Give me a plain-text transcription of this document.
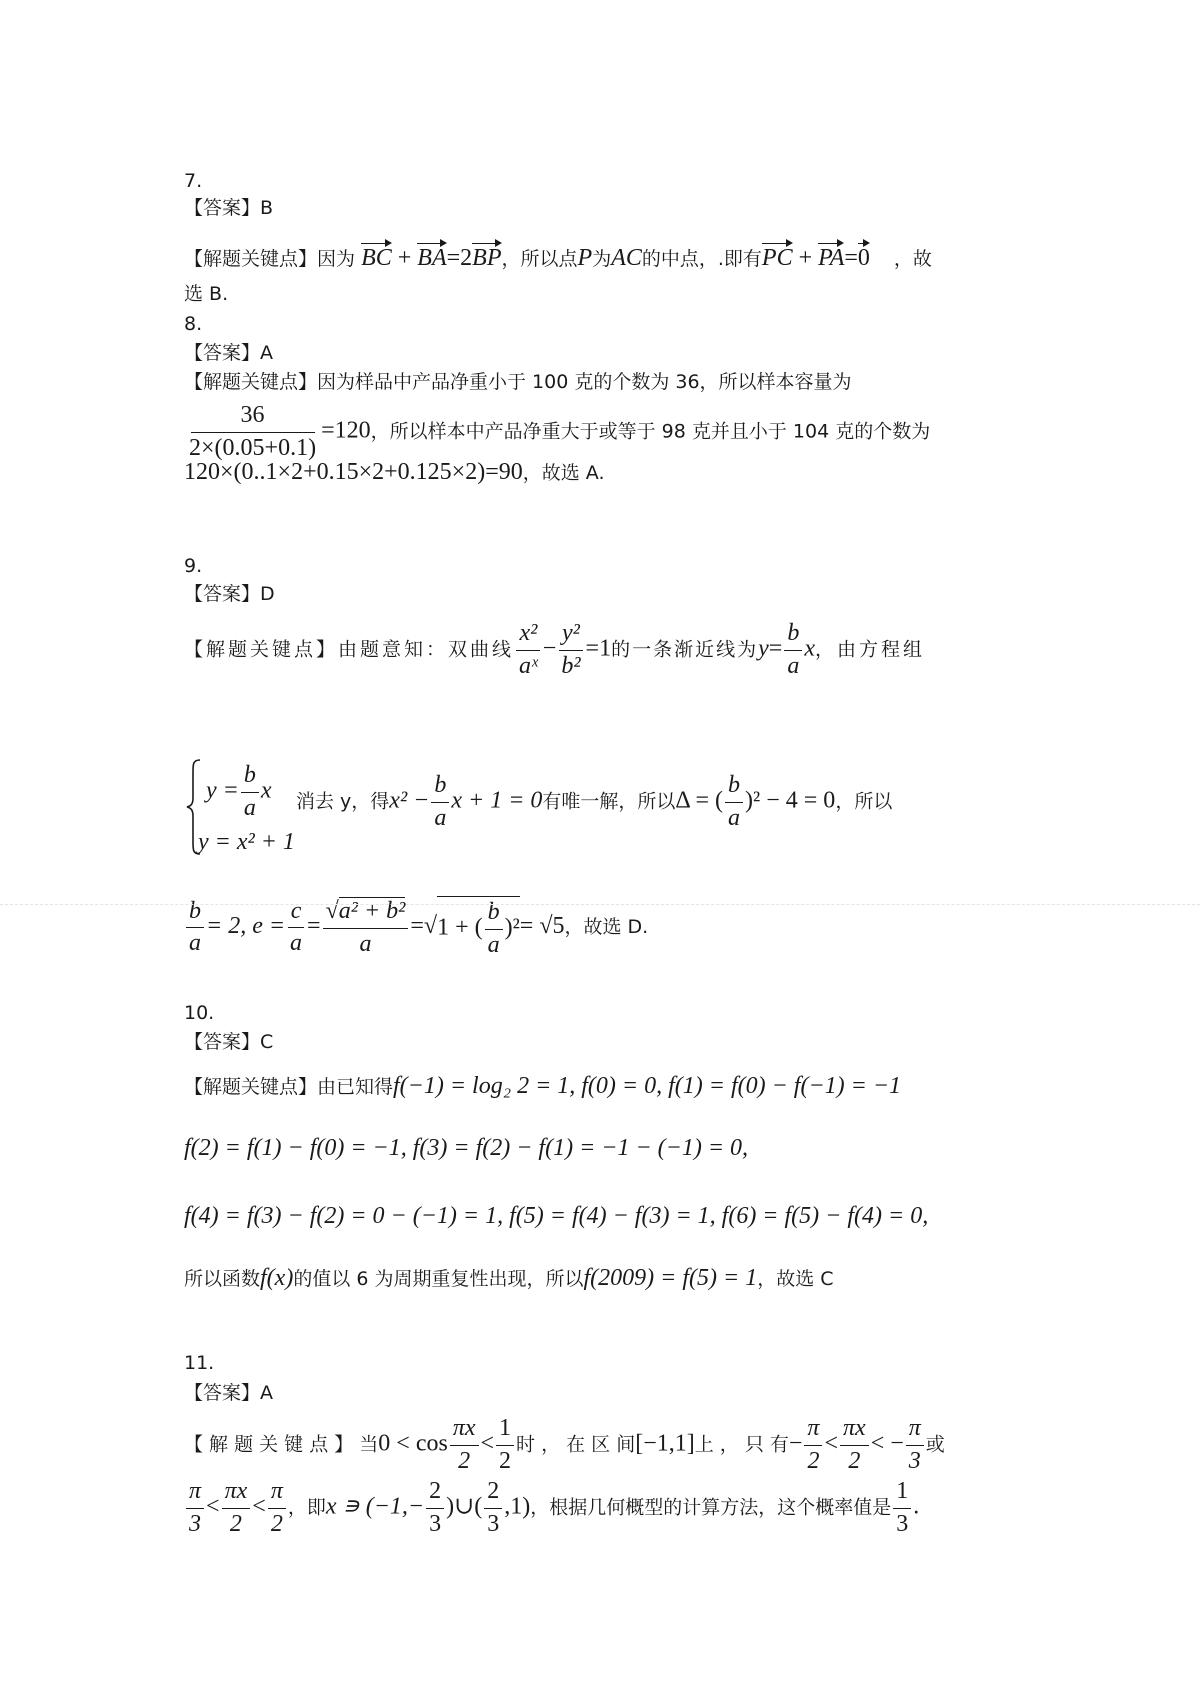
7.
【答案】B
【解题关键点】因为 BC + BA=2BP，所以点P为AC的中点，.即有PC + PA=0 ，故
选 B.
8.
【答案】A
【解题关键点】因为样品中产品净重小于 100 克的个数为 36，所以样本容量为
$\frac{36}{2\times(0.05+0.1)} =120$，所以样本中产品净重大于或等于 98 克并且小于 104 克的个数为
120×(0..1×2+0.15×2+0.125×2)=90，故选 A.
9.
【答案】D
【解题关键点】由题意知：双曲线 $\frac{\text{x²}}{\text{aˣ}} - \frac{\text{y²}}{\text{b²}} =1$的一条渐近线为$y= \frac{b}{a}$ x，由方程组
$y = \frac{b}{a}$ x
y = x² + 1
消去 y，得$x^2 - \frac{b}{a}$ x + 1 = 0有唯一解，所以Δ = ( $\frac{b}{a} )^2 - 4 = 0$，所以
$\frac{b}{a} = 2$, $e = \frac{c}{a} = \frac{\text{√a² + b²}}{a} =√1$ + ( $\frac{b}{a} )^2= √5$，故选 D.
10.
【答案】C
【解题关键点】由已知得f(−1) = log₂ 2 = 1, f(0) = 0, f(1) = f(0) − f(−1) = −1
f(2) = f(1) − f(0) = −1, f(3) = f(2) − f(1) = −1 − (−1) = 0,
f(4) = f(3) − f(2) = 0 − (−1) = 1, f(5) = f(4) − f(3) = 1, f(6) = f(5) − f(4) = 0,
所以函数f(x)的值以 6 为周期重复性出现，所以f(2009) = f(5) = 1，故选 C
11.
【答案】A
【 解 题 关 键 点 】 当$0 < \cos \frac{\pi x}{2} < \frac{1}{2}$ 时 ， 在 区 间[−1,1]上 ， 只 有− $\frac{\pi}{2} < \frac{\pi x}{2}$ < − $\frac{\pi}{3}$ 或
$\frac{\pi}{3} < \frac{\pi x}{2} < \frac{\pi}{2}$ ，即x ∍ ($-1,- \frac{2}{3}$ )∪( $\frac{2}{3} ,1$)，根据几何概型的计算方法，这个概率值是 $\frac{1}{3}$ .
